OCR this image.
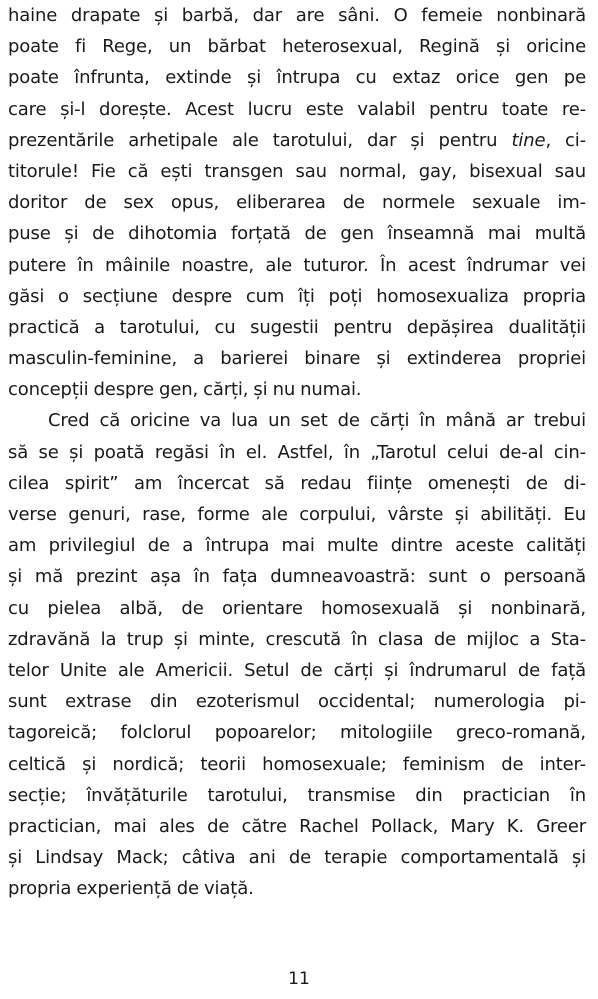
haine drapate și barbă, dar are sâni. O femeie nonbinară
poate fi Rege, un bărbat heterosexual, Regină și oricine
poate înfrunta, extinde și întrupa cu extaz orice gen pe
care și-l dorește. Acest lucru este valabil pentru toate re-
prezentările arhetipale ale tarotului, dar și pentru tine, ci-
titorule! Fie că ești transgen sau normal, gay, bisexual sau
doritor de sex opus, eliberarea de normele sexuale im-
puse și de dihotomia forțată de gen înseamnă mai multă
putere în mâinile noastre, ale tuturor. În acest îndrumar vei
găsi o secțiune despre cum îți poți homosexualiza propria
practică a tarotului, cu sugestii pentru depășirea dualității
masculin-feminine, a barierei binare și extinderea propriei
concepții despre gen, cărți, și nu numai.
Cred că oricine va lua un set de cărți în mână ar trebui
să se și poată regăsi în el. Astfel, în „Tarotul celui de-al cin-
cilea spirit” am încercat să redau ființe omenești de di-
verse genuri, rase, forme ale corpului, vârste și abilități. Eu
am privilegiul de a întrupa mai multe dintre aceste calități
și mă prezint așa în fața dumneavoastră: sunt o persoană
cu pielea albă, de orientare homosexuală și nonbinară,
zdravănă la trup și minte, crescută în clasa de mijloc a Sta-
telor Unite ale Americii. Setul de cărți și îndrumarul de față
sunt extrase din ezoterismul occidental; numerologia pi-
tagoreică; folclorul popoarelor; mitologiile greco-romană,
celtică și nordică; teorii homosexuale; feminism de inter-
secție; învățăturile tarotului, transmise din practician în
practician, mai ales de către Rachel Pollack, Mary K. Greer
și Lindsay Mack; câtiva ani de terapie comportamentală și
propria experiență de viață.
11
